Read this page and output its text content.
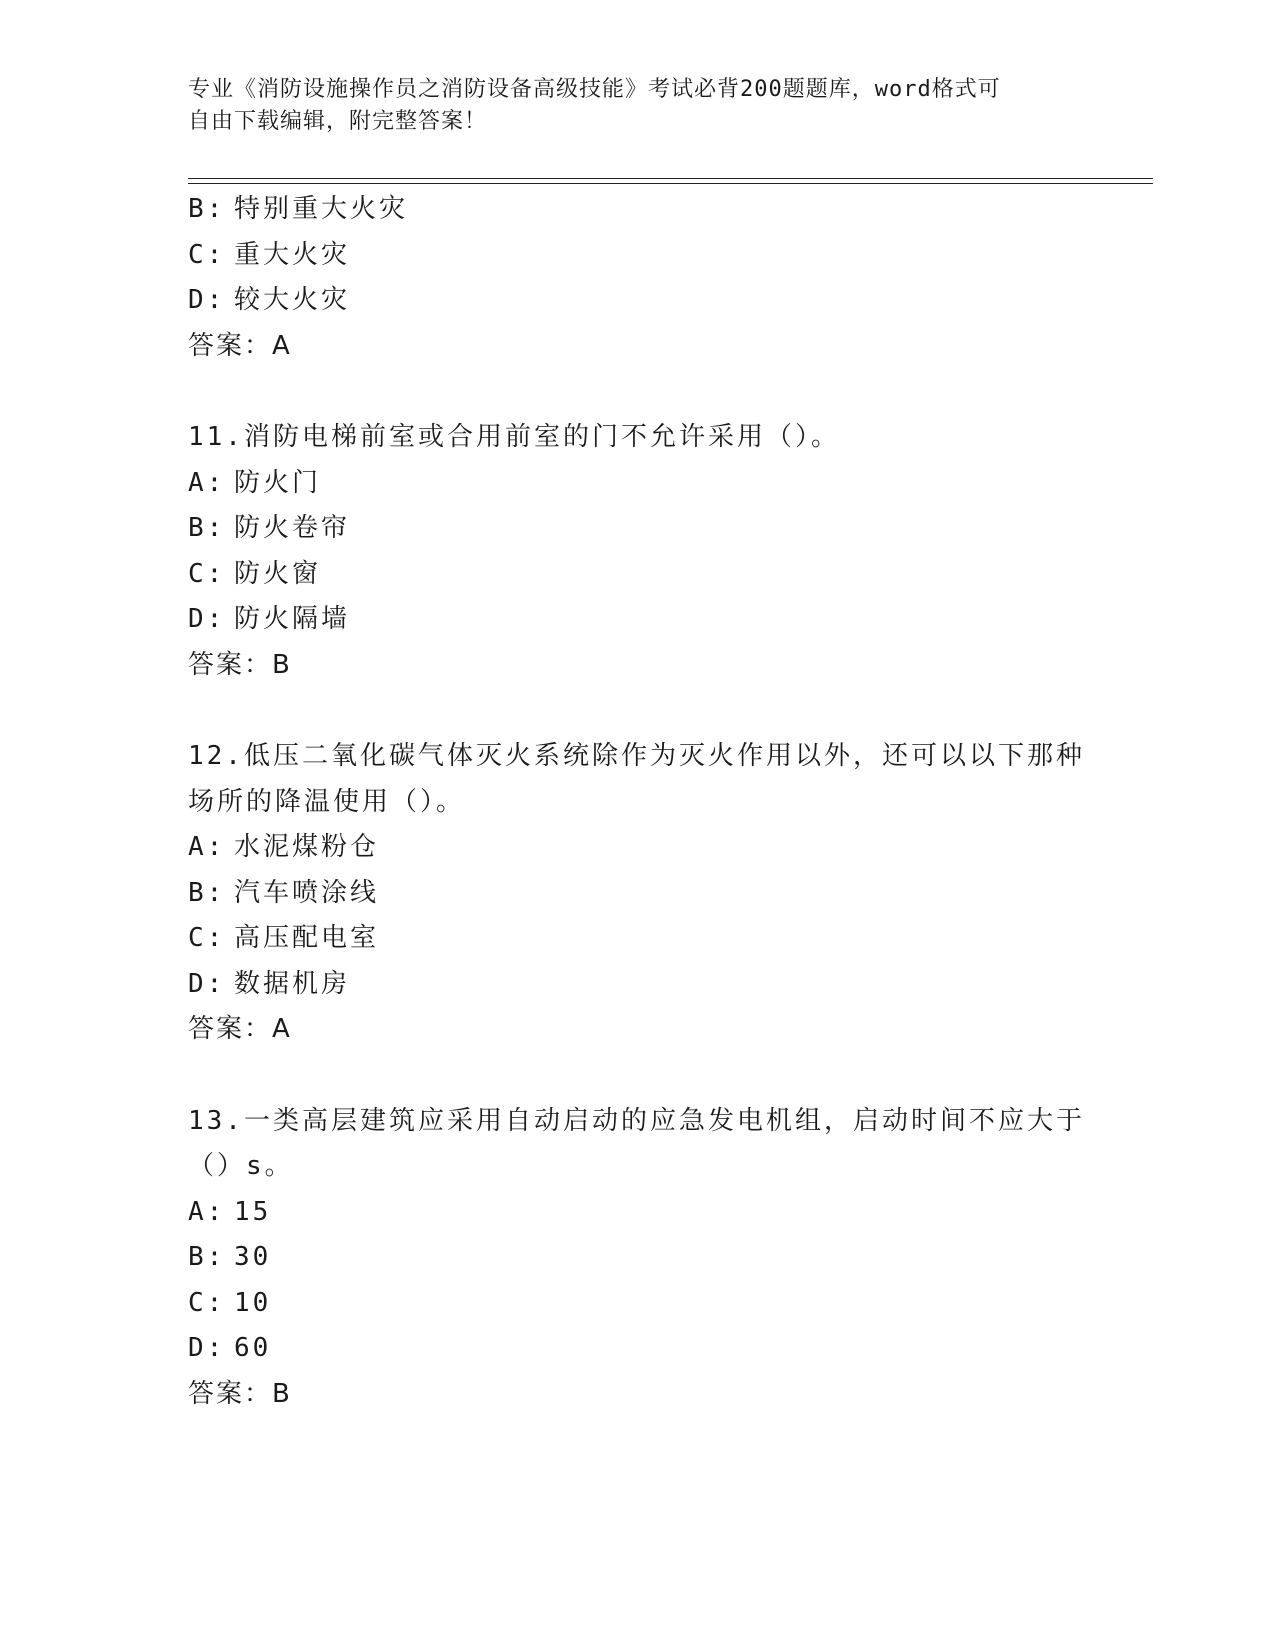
专业《消防设施操作员之消防设备高级技能》考试必背200题题库，word格式可
自由下载编辑，附完整答案！
B: 特别重大火灾
C: 重大火灾
D: 较大火灾
答案：A
11.消防电梯前室或合用前室的门不允许采用（）。
A: 防火门
B: 防火卷帘
C: 防火窗
D: 防火隔墙
答案：B
12.低压二氧化碳气体灭火系统除作为灭火作用以外，还可以以下那种
场所的降温使用（）。
A: 水泥煤粉仓
B: 汽车喷涂线
C: 高压配电室
D: 数据机房
答案：A
13.一类高层建筑应采用自动启动的应急发电机组，启动时间不应大于
（）s。
A: 15
B: 30
C: 10
D: 60
答案：B
